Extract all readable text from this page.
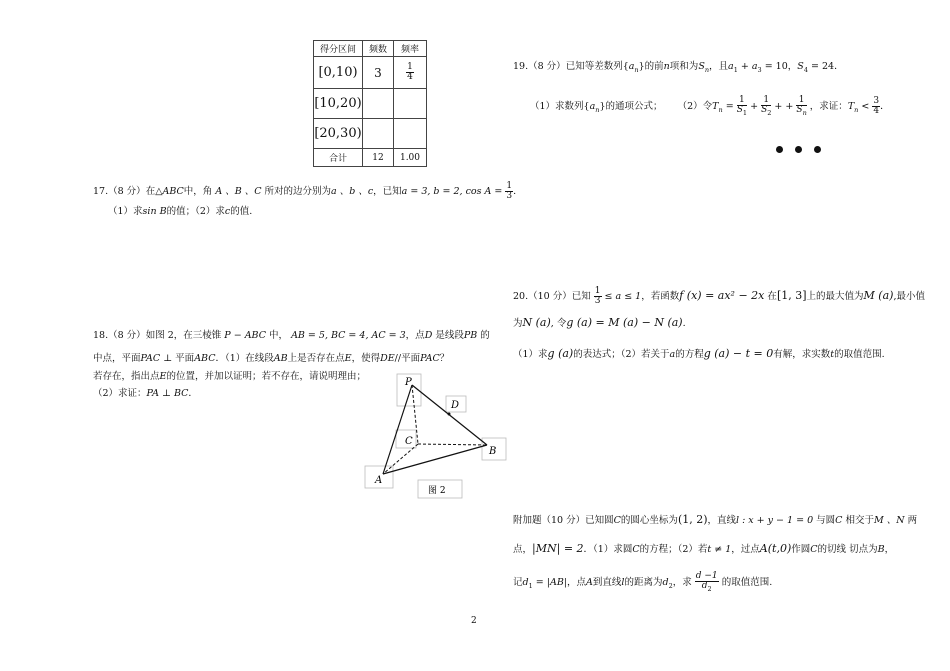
得分区间	频数	频率
[0,10)	3	$\frac{1}{4}$

[10,20)		
[20,30)		
合计	12	1.00
17.（8 分）在△ABC中，角 A 、B 、C 所对的边分别为a 、b 、c，已知a = 3, b = 2, $\cos A = \frac{1}{3}$ .
（1）求sin B的值；（2）求c的值.
18.（8 分）如图 2，在三棱锥 P − ABC 中， AB = 5, BC = 4, AC = 3，点D 是线段PB 的
中点，平面PAC ⊥ 平面ABC．（1）在线段AB上是否存在点E，使得DE//平面PAC？
若存在，指出点E的位置，并加以证明；若不存在，请说明理由；
（2）求证：PA ⊥ BC．
P
D
C
B
A
图 2
19.（8 分）已知等差数列$\{a_n\}$的前n项和为$S_n$，且$a_1 + a_3 = 10$，$S_4 = 24$．
（1）求数列$\{a_n\}$的通项公式； （2）令$T_n = \frac{1}{S_1} + \frac{1}{S_2}$ + + $\frac{1}{S_n}$ ，求证：$T_n < \frac{3}{4}$ ．
20.（10 分）已知 $\frac{1}{3} \le a \le 1$，若函数f (x) = ax² − 2x 在[1, 3]上的最大值为M (a),最小值
为N (a), 令g (a) = M (a) − N (a).
（1）求g (a)的表达式；（2）若关于a的方程g (a) − t = 0有解，求实数t的取值范围.
附加题（10 分）已知圆C的圆心坐标为(1, 2)，直线l : x + y − 1 = 0 与圆C 相交于M 、N 两
点，|MN| = 2．（1）求圆C的方程；（2）若t ≠ 1，过点A(t,0)作圆C的切线 切点为B，
记$d_1 = |AB|$，点A到直线l的距离为$d_2$，求 $\frac{d -1}{d_2}$ 的取值范围.
2
